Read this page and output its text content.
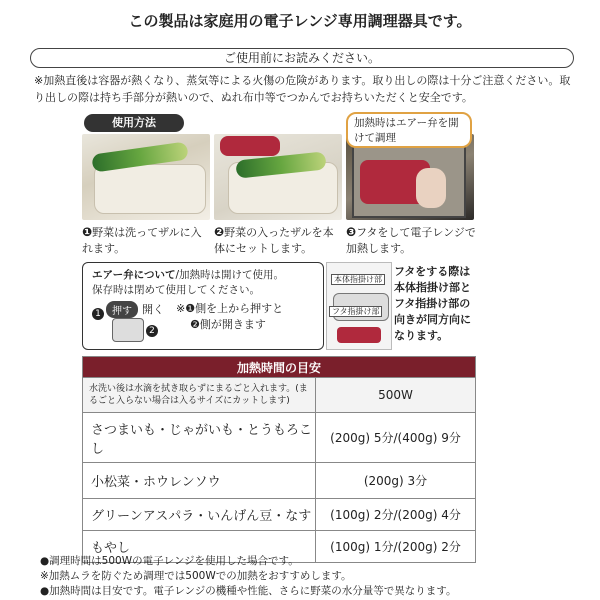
この製品は家庭用の電子レンジ専用調理器具です。
ご使用前にお読みください。
※加熱直後は容器が熱くなり、蒸気等による火傷の危険があります。取り出しの際は十分ご注意ください。取り出しの際は持ち手部分が熱いので、ぬれ布巾等でつかんでお持ちいただくと安全です。
使用方法	加熱時はエアー弁を開けて調理
❶野菜は洗ってザルに入れます。
❷野菜の入ったザルを本体にセットします。
❸フタをして電子レンジで加熱します。
エアー弁について/加熱時は開けて使用。
保存時は閉めて使用してください。
1	押す 開く
2
※❶側を上から押すと
❷側が開きます
本体指掛け部
フタ指掛け部
フタをする際は本体指掛け部とフタ指掛け部の向きが同方向になります。
加熱時間の目安	
水洗い後は水滴を拭き取らずにまるごと入れます。(まるごと入らない場合は入るサイズにカットします)	500W
さつまいも・じゃがいも・とうもろこし	(200g) 5分/(400g) 9分
小松菜・ホウレンソウ	(200g) 3分
グリーンアスパラ・いんげん豆・なす	(100g) 2分/(200g) 4分
もやし	(100g) 1分/(200g) 2分
●調理時間は500Wの電子レンジを使用した場合です。
※加熱ムラを防ぐため調理では500Wでの加熱をおすすめします。
●加熱時間は目安です。電子レンジの機種や性能、さらに野菜の水分量等で異なります。
